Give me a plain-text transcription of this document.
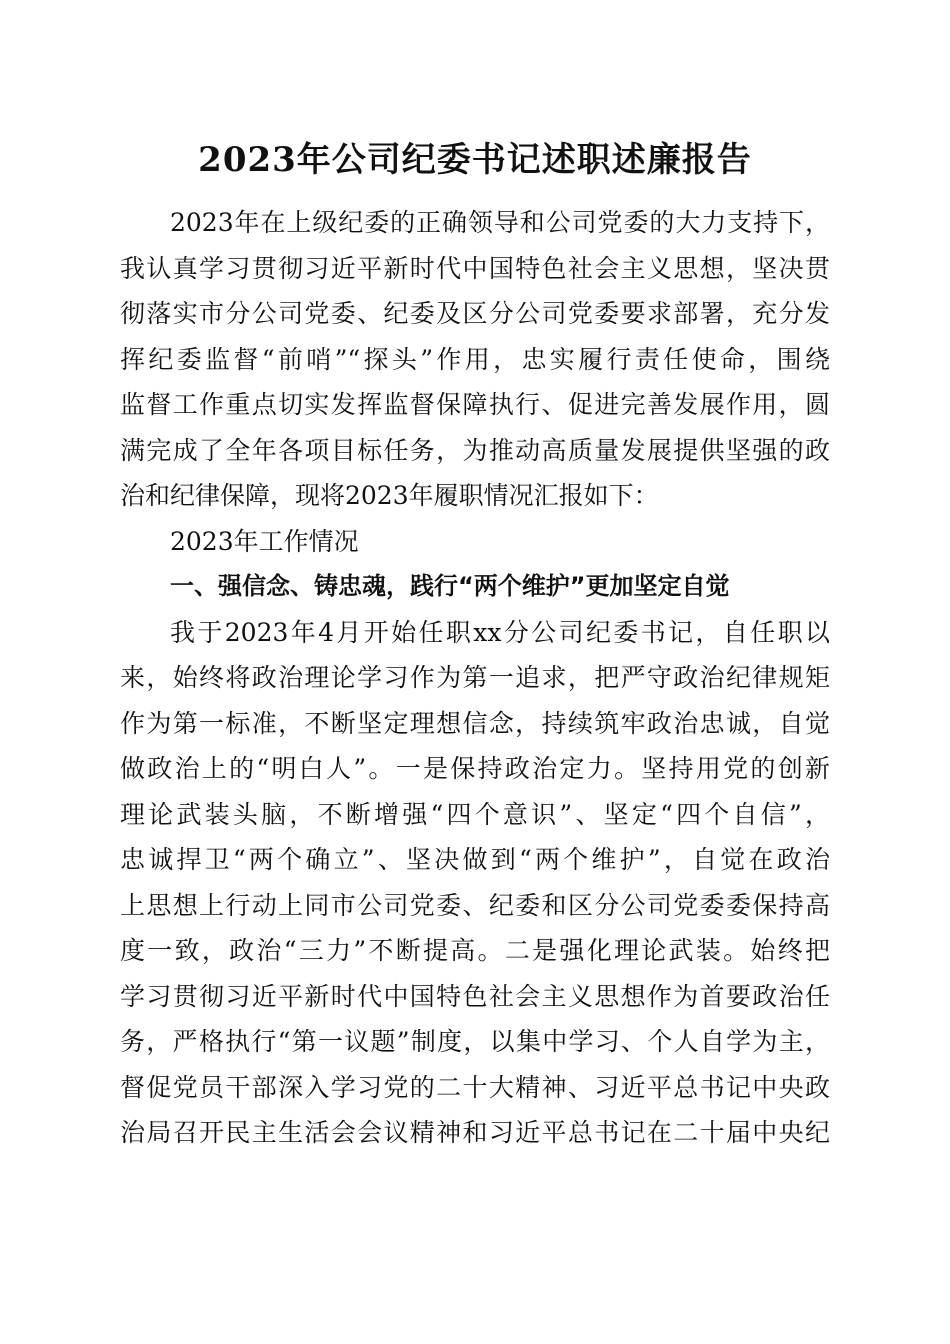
2023年公司纪委书记述职述廉报告
2023年在上级纪委的正确领导和公司党委的大力支持下，
我认真学习贯彻习近平新时代中国特色社会主义思想，坚决贯
彻落实市分公司党委、纪委及区分公司党委要求部署，充分发
挥纪委监督“前哨”“探头”作用，忠实履行责任使命，围绕
监督工作重点切实发挥监督保障执行、促进完善发展作用，圆
满完成了全年各项目标任务，为推动高质量发展提供坚强的政
治和纪律保障，现将2023年履职情况汇报如下：
2023年工作情况
一、强信念、铸忠魂，践行“两个维护”更加坚定自觉
我于2023年4月开始任职xx分公司纪委书记，自任职以
来，始终将政治理论学习作为第一追求，把严守政治纪律规矩
作为第一标准，不断坚定理想信念，持续筑牢政治忠诚，自觉
做政治上的“明白人”。一是保持政治定力。坚持用党的创新
理论武装头脑，不断增强“四个意识”、坚定“四个自信”，
忠诚捍卫“两个确立”、坚决做到“两个维护”，自觉在政治
上思想上行动上同市公司党委、纪委和区分公司党委委保持高
度一致，政治“三力”不断提高。二是强化理论武装。始终把
学习贯彻习近平新时代中国特色社会主义思想作为首要政治任
务，严格执行“第一议题”制度，以集中学习、个人自学为主，
督促党员干部深入学习党的二十大精神、习近平总书记中央政
治局召开民主生活会会议精神和习近平总书记在二十届中央纪
